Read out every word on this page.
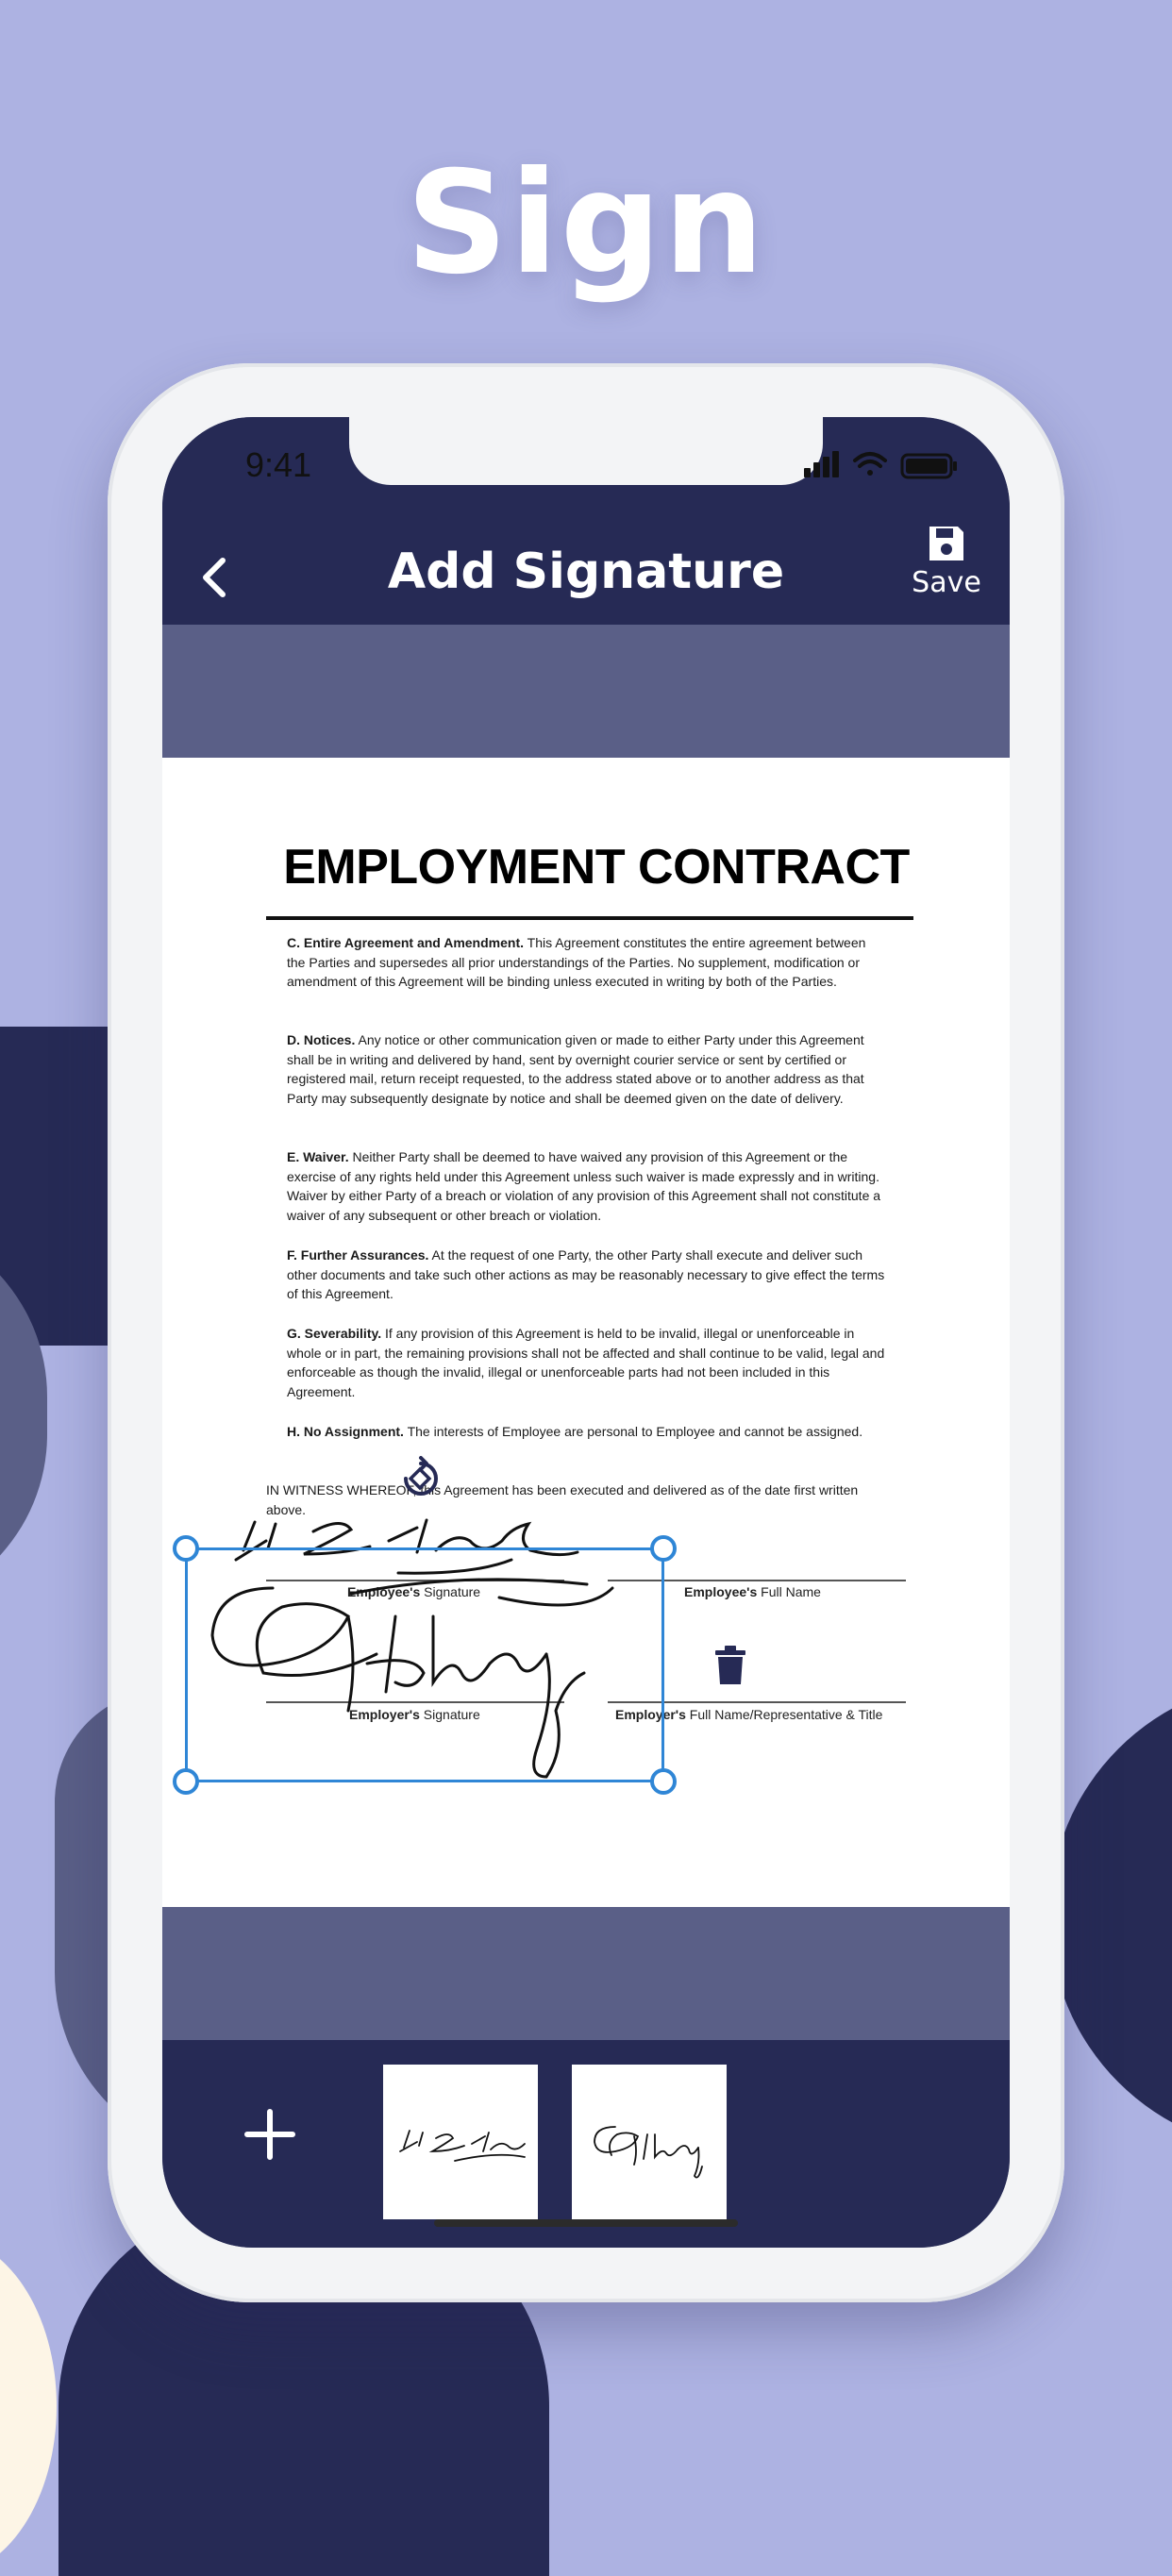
Sign
9:41
Add Signature	Save
EMPLOYMENT CONTRACT
C. Entire Agreement and Amendment. This Agreement constitutes the entire agreement between
the Parties and supersedes all prior understandings of the Parties. No supplement, modification or
amendment of this Agreement will be binding unless executed in writing by both of the Parties.
D. Notices. Any notice or other communication given or made to either Party under this Agreement
shall be in writing and delivered by hand, sent by overnight courier service or sent by certified or
registered mail, return receipt requested, to the address stated above or to another address as that
Party may subsequently designate by notice and shall be deemed given on the date of delivery.
E. Waiver. Neither Party shall be deemed to have waived any provision of this Agreement or the
exercise of any rights held under this Agreement unless such waiver is made expressly and in writing.
Waiver by either Party of a breach or violation of any provision of this Agreement shall not constitute a
waiver of any subsequent or other breach or violation.
F. Further Assurances. At the request of one Party, the other Party shall execute and deliver such
other documents and take such other actions as may be reasonably necessary to give effect the terms
of this Agreement.
G. Severability. If any provision of this Agreement is held to be invalid, illegal or unenforceable in
whole or in part, the remaining provisions shall not be affected and shall continue to be valid, legal and
enforceable as though the invalid, illegal or unenforceable parts had not been included in this
Agreement.
H. No Assignment. The interests of Employee are personal to Employee and cannot be assigned.
IN WITNESS WHEREOF, this Agreement has been executed and delivered as of the date first written
above.
Employee's Signature	Employee's Full Name
Employer's Signature	Employer's Full Name/Representative & Title
